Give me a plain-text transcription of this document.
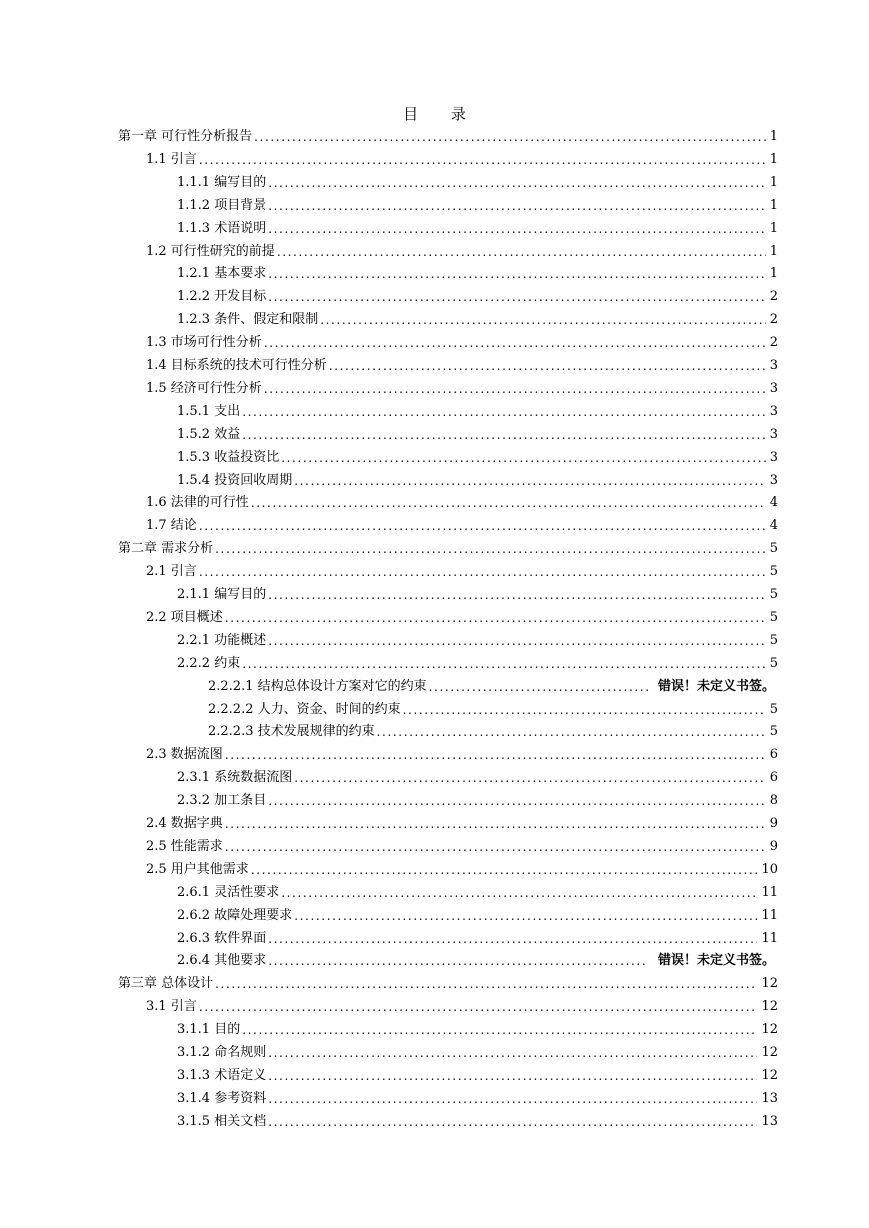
目 录
第一章 可行性分析报告 .....	1
1.1 引言 .....	1
1.1.1 编写目的 .....	1
1.1.2 项目背景 .....	1
1.1.3 术语说明 .....	1
1.2 可行性研究的前提 .....	1
1.2.1 基本要求 .....	1
1.2.2 开发目标 .....	2
1.2.3 条件、假定和限制 .....	2
1.3 市场可行性分析 .....	2
1.4 目标系统的技术可行性分析 .....	3
1.5 经济可行性分析 .....	3
1.5.1 支出 .....	3
1.5.2 效益 .....	3
1.5.3 收益投资比 .....	3
1.5.4 投资回收周期 .....	3
1.6 法律的可行性 .....	4
1.7 结论 .....	4
第二章 需求分析 .....	5
2.1 引言 .....	5
2.1.1 编写目的 .....	5
2.2 项目概述 .....	5
2.2.1 功能概述 .....	5
2.2.2 约束 .....	5
2.2.2.1 结构总体设计方案对它的约束 .....	错误！未定义书签。
2.2.2.2 人力、资金、时间的约束 .....	5
2.2.2.3 技术发展规律的约束 .....	5
2.3 数据流图 .....	6
2.3.1 系统数据流图 .....	6
2.3.2 加工条目 .....	8
2.4 数据字典 .....	9
2.5 性能需求 .....	9
2.5 用户其他需求 .....	10
2.6.1 灵活性要求 .....	11
2.6.2 故障处理要求 .....	11
2.6.3 软件界面 .....	11
2.6.4 其他要求 .....	错误！未定义书签。
第三章 总体设计 .....	12
3.1 引言 .....	12
3.1.1 目的 .....	12
3.1.2 命名规则 .....	12
3.1.3 术语定义 .....	12
3.1.4 参考资料 .....	13
3.1.5 相关文档 .....	13
